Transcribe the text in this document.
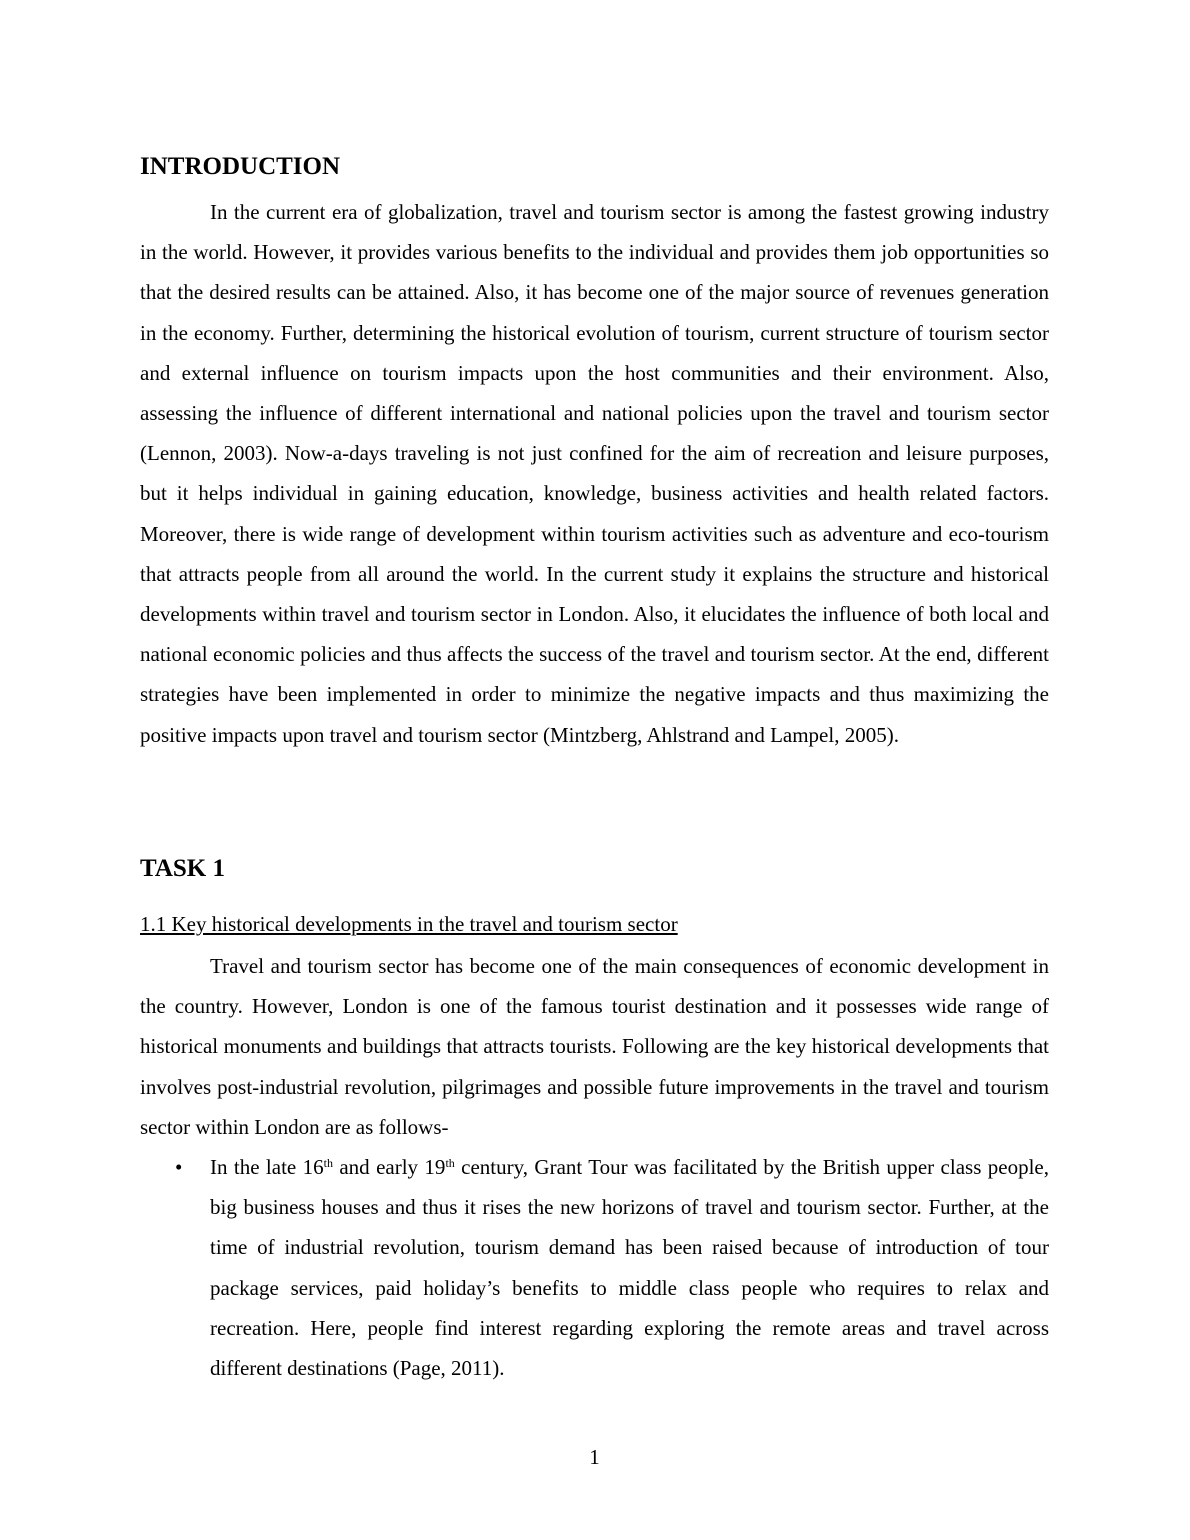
INTRODUCTION

In the current era of globalization, travel and tourism sector is among the fastest growing industry in the world. However, it provides various benefits to the individual and provides them job opportunities so that the desired results can be attained. Also, it has become one of the major source of revenues generation in the economy. Further, determining the historical evolution of tourism, current structure of tourism sector and external influence on tourism impacts upon the host communities and their environment. Also, assessing the influence of different international and national policies upon the travel and tourism sector (Lennon, 2003). Now-a-days traveling is not just confined for the aim of recreation and leisure purposes, but it helps individual in gaining education, knowledge, business activities and health related factors. Moreover, there is wide range of development within tourism activities such as adventure and eco-tourism that attracts people from all around the world. In the current study it explains the structure and historical developments within travel and tourism sector in London. Also, it elucidates the influence of both local and national economic policies and thus affects the success of the travel and tourism sector. At the end, different strategies have been implemented in order to minimize the negative impacts and thus maximizing the positive impacts upon travel and tourism sector (Mintzberg, Ahlstrand and Lampel, 2005).

TASK 1

1.1 Key historical developments in the travel and tourism sector

Travel and tourism sector has become one of the main consequences of economic development in the country. However, London is one of the famous tourist destination and it possesses wide range of historical monuments and buildings that attracts tourists. Following are the key historical developments that involves post-industrial revolution, pilgrimages and possible future improvements in the travel and tourism sector within London are as follows-

• In the late 16th and early 19th century, Grant Tour was facilitated by the British upper class people, big business houses and thus it rises the new horizons of travel and tourism sector. Further, at the time of industrial revolution, tourism demand has been raised because of introduction of tour package services, paid holiday’s benefits to middle class people who requires to relax and recreation. Here, people find interest regarding exploring the remote areas and travel across different destinations (Page, 2011).
1
